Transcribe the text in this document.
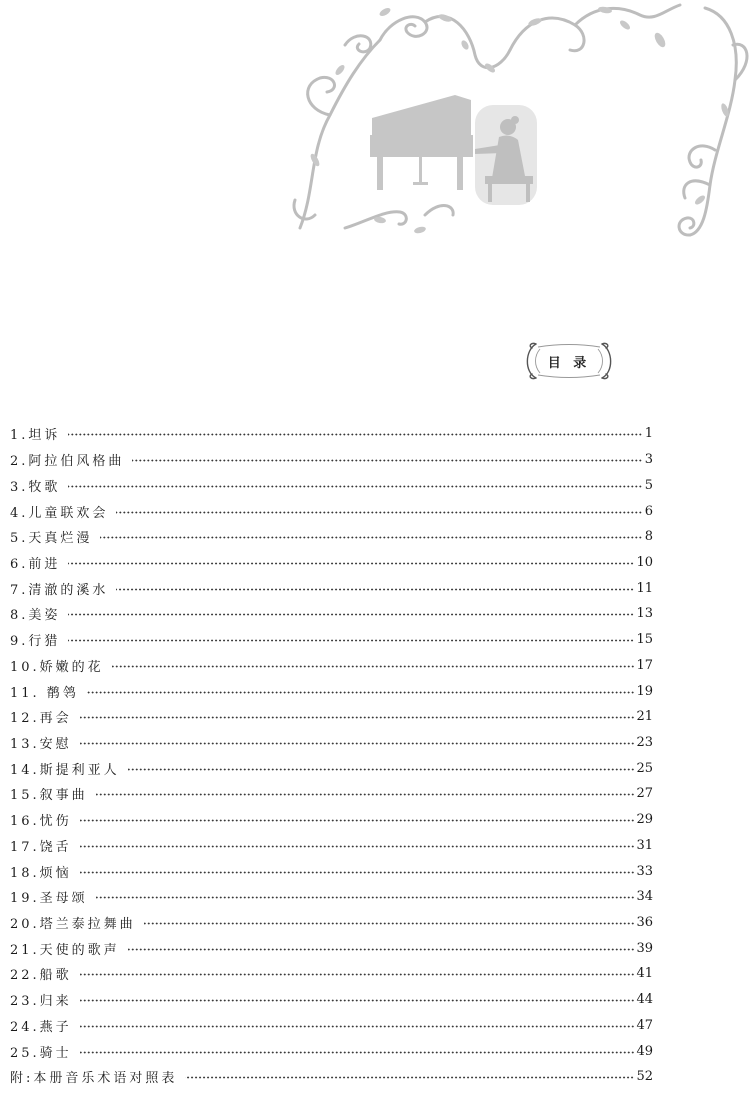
目 录
1.坦诉	1
2.阿拉伯风格曲	3
3.牧歌	5
4.儿童联欢会	6
5.天真烂漫	8
6.前进	10
7.清澈的溪水	11
8.美姿	13
9.行猎	15
10.娇嫩的花	17
11. 鹡鸰	19
12.再会	21
13.安慰	23
14.斯提利亚人	25
15.叙事曲	27
16.忧伤	29
17.饶舌	31
18.烦恼	33
19.圣母颂	34
20.塔兰泰拉舞曲	36
21.天使的歌声	39
22.船歌	41
23.归来	44
24.燕子	47
25.骑士	49
附:本册音乐术语对照表	52
